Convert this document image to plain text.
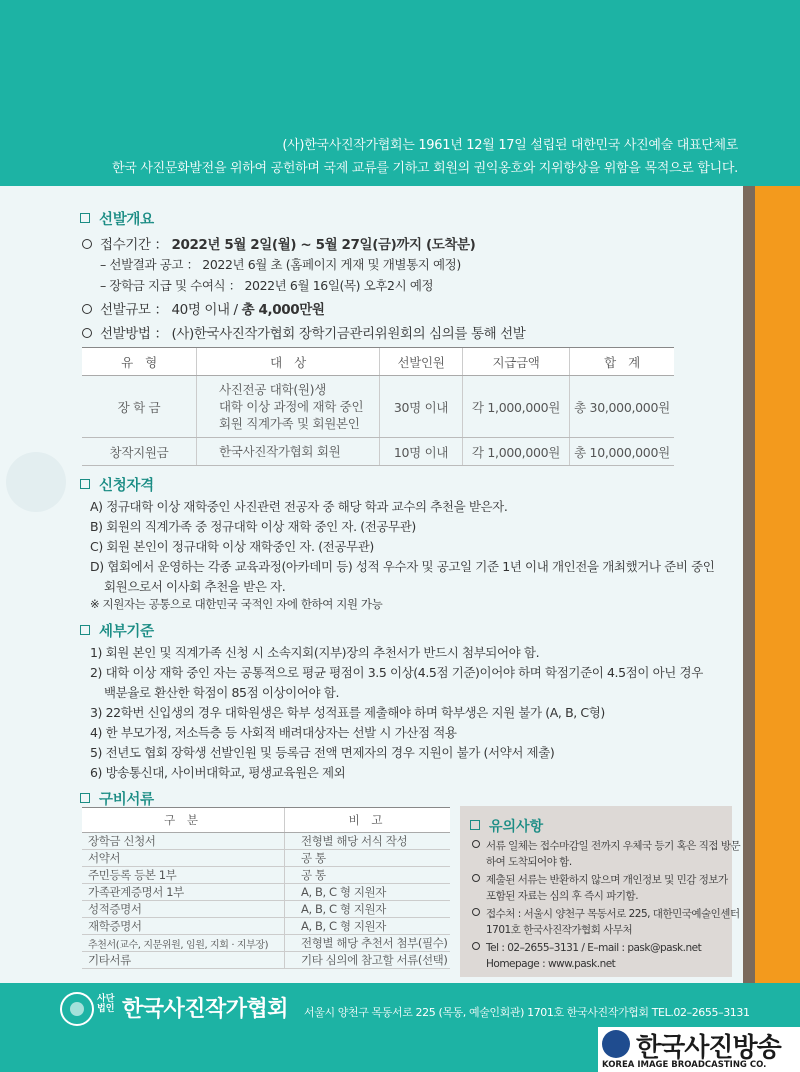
(사)한국사진작가협회는 1961년 12월 17일 설립된 대한민국 사진예술 대표단체로
한국 사진문화발전을 위하여 공헌하며 국제 교류를 기하고 회원의 권익옹호와 지위향상을 위함을 목적으로 합니다.
선발개요
접수기간 ： 2022년 5월 2일(월) ~ 5월 27일(금)까지 (도착분)
– 선발결과 공고 ： 2022년 6월 초 (홈페이지 게재 및 개별통지 예정)
– 장학금 지급 및 수여식 ： 2022년 6월 16일(목) 오후2시 예정
선발규모 ： 40명 이내 / 총 4,000만원
선발방법 ： (사)한국사진작가협회 장학기금관리위원회의 심의를 통해 선발
유　형	대　상	선발인원	지급금액	합　계
장 학 금	사진전공 대학(원)생
대학 이상 과정에 재학 중인
회원 직계가족 및 회원본인	30명 이내	각 1,000,000원	총 30,000,000원
창작지원금	한국사진작가협회 회원	10명 이내	각 1,000,000원	총 10,000,000원
신청자격
A) 정규대학 이상 재학중인 사진관련 전공자 중 해당 학과 교수의 추천을 받은자.
B) 회원의 직계가족 중 정규대학 이상 재학 중인 자. (전공무관)
C) 회원 본인이 정규대학 이상 재학중인 자. (전공무관)
D) 협회에서 운영하는 각종 교육과정(아카데미 등) 성적 우수자 및 공고일 기준 1년 이내 개인전을 개최했거나 준비 중인
회원으로서 이사회 추천을 받은 자.
※ 지원자는 공통으로 대한민국 국적인 자에 한하여 지원 가능
세부기준
1) 회원 본인 및 직계가족 신청 시 소속지회(지부)장의 추천서가 반드시 첨부되어야 함.
2) 대학 이상 재학 중인 자는 공통적으로 평균 평점이 3.5 이상(4.5점 기준)이어야 하며 학점기준이 4.5점이 아닌 경우
백분율로 환산한 학점이 85점 이상이어야 함.
3) 22학번 신입생의 경우 대학원생은 학부 성적표를 제출해야 하며 학부생은 지원 불가 (A, B, C형)
4) 한 부모가정, 저소득층 등 사회적 배려대상자는 선발 시 가산점 적용
5) 전년도 협회 장학생 선발인원 및 등록금 전액 면제자의 경우 지원이 불가 (서약서 제출)
6) 방송통신대, 사이버대학교, 평생교육원은 제외
구비서류
구 분	비 고
장학금 신청서	전형별 해당 서식 작성
서약서	공 통
주민등록 등본 1부	공 통
가족관계증명서 1부	A, B, C 형 지원자
성적증명서	A, B, C 형 지원자
재학증명서	A, B, C 형 지원자
추천서(교수, 지문위원, 임원, 지회 · 지부장)	전형별 해당 추천서 첨부(필수)
기타서류	기타 심의에 참고할 서류(선택)
유의사항
서류 일체는 접수마감일 전까지 우체국 등기 혹은 직접 방문
하여 도착되어야 함.
제출된 서류는 반환하지 않으며 개인정보 및 민감 정보가
포함된 자료는 심의 후 즉시 파기함.
접수처 : 서울시 양천구 목동서로 225, 대한민국예술인센터
1701호 한국사진작가협회 사무처
Tel : 02–2655–3131 / E–mail : pask@pask.net
Homepage : www.pask.net
사단 법인 한국사진작가협회 서울시 양천구 목동서로 225 (목동, 예술인회관) 1701호 한국사진작가협회 TEL.02–2655–3131
한국사진방송
KOREA IMAGE BROADCASTING CO.
